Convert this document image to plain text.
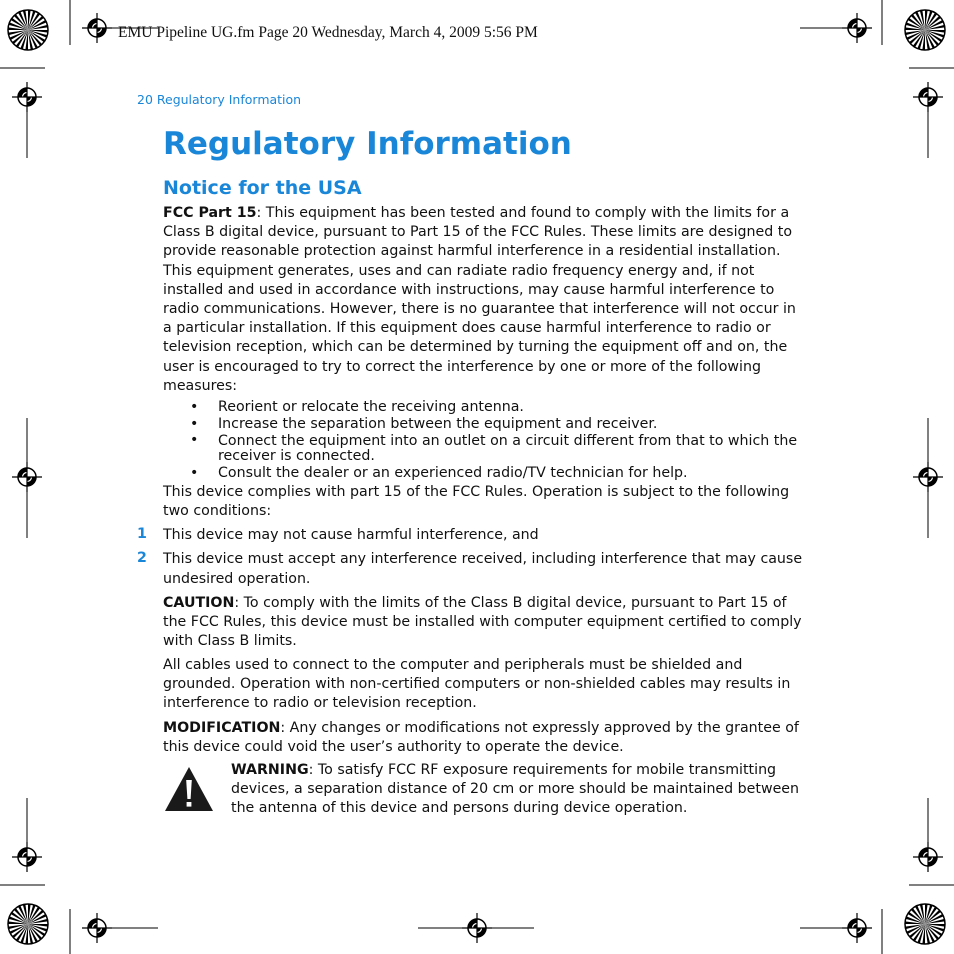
EMU Pipeline UG.fm Page 20 Wednesday, March 4, 2009 5:56 PM
20 Regulatory Information
Regulatory Information
Notice for the USA

FCC Part 15: This equipment has been tested and found to comply with the limits for a Class B digital device, pursuant to Part 15 of the FCC Rules. These limits are designed to provide reasonable protection against harmful interference in a residential installation. This equipment generates, uses and can radiate radio frequency energy and, if not installed and used in accordance with instructions, may cause harmful interference to radio communications. However, there is no guarantee that interference will not occur in a particular installation. If this equipment does cause harmful interference to radio or television reception, which can be determined by turning the equipment off and on, the user is encouraged to try to correct the interference by one or more of the following measures:

• Reorient or relocate the receiving antenna.
• Increase the separation between the equipment and receiver.
• Connect the equipment into an outlet on a circuit different from that to which the receiver is connected.
• Consult the dealer or an experienced radio/TV technician for help.

This device complies with part 15 of the FCC Rules. Operation is subject to the following two conditions:

1 This device may not cause harmful interference, and

2 This device must accept any interference received, including interference that may cause undesired operation.

CAUTION: To comply with the limits of the Class B digital device, pursuant to Part 15 of the FCC Rules, this device must be installed with computer equipment certified to comply with Class B limits.

All cables used to connect to the computer and peripherals must be shielded and grounded. Operation with non-certified computers or non-shielded cables may results in interference to radio or television reception.

MODIFICATION: Any changes or modifications not expressly approved by the grantee of this device could void the user’s authority to operate the device.

WARNING: To satisfy FCC RF exposure requirements for mobile transmitting devices, a separation distance of 20 cm or more should be maintained between the antenna of this device and persons during device operation.
